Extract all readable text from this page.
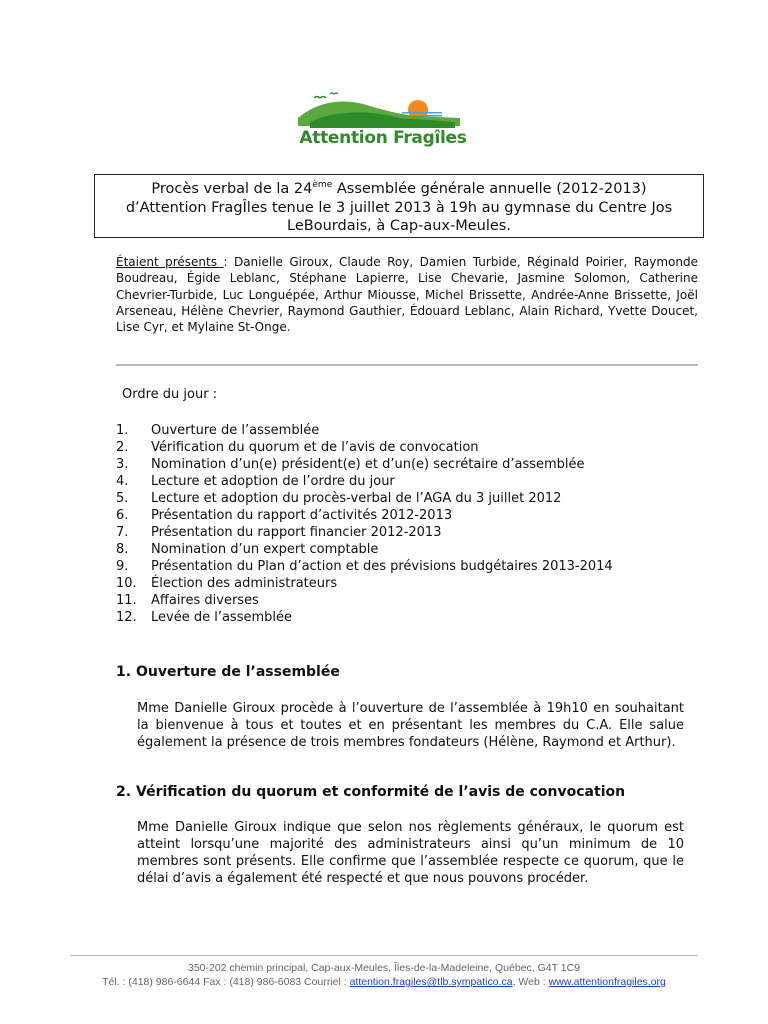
Attention Fragîles
Procès verbal de la 24ème Assemblée générale annuelle (2012-2013)
d’Attention FragÎles tenue le 3 juillet 2013 à 19h au gymnase du Centre Jos
LeBourdais, à Cap-aux-Meules.
Étaient présents : Danielle Giroux, Claude Roy, Damien Turbide, Réginald Poirier, Raymonde Boudreau, Égide Leblanc, Stéphane Lapierre, Lise Chevarie, Jasmine Solomon, Catherine Chevrier-Turbide, Luc Longuépée, Arthur Miousse, Michel Brissette, Andrée-Anne Brissette, Joël Arseneau, Hélène Chevrier, Raymond Gauthier, Édouard Leblanc, Alain Richard, Yvette Doucet, Lise Cyr, et Mylaine St-Onge.
Ordre du jour :
1. Ouverture de l’assemblée
2. Vérification du quorum et de l’avis de convocation
3. Nomination d’un(e) président(e) et d’un(e) secrétaire d’assemblée
4. Lecture et adoption de l’ordre du jour
5. Lecture et adoption du procès-verbal de l’AGA du 3 juillet 2012
6. Présentation du rapport d’activités 2012-2013
7. Présentation du rapport financier 2012-2013
8. Nomination d’un expert comptable
9. Présentation du Plan d’action et des prévisions budgétaires 2013-2014
10. Élection des administrateurs
11. Affaires diverses
12. Levée de l’assemblée
1. Ouverture de l’assemblée
Mme Danielle Giroux procède à l’ouverture de l’assemblée à 19h10 en souhaitant la bienvenue à tous et toutes et en présentant les membres du C.A. Elle salue également la présence de trois membres fondateurs (Hélène, Raymond et Arthur).
2. Vérification du quorum et conformité de l’avis de convocation
Mme Danielle Giroux indique que selon nos règlements généraux, le quorum est atteint lorsqu’une majorité des administrateurs ainsi qu’un minimum de 10 membres sont présents. Elle confirme que l’assemblée respecte ce quorum, que le délai d’avis a également été respecté et que nous pouvons procéder.
350-202 chemin principal, Cap-aux-Meules, Îles-de-la-Madeleine, Québec, G4T 1C9
Tél. : (418) 986-6644 Fax : (418) 986-6083 Courriel : attention.fragiles@tlb.sympatico.ca, Web : www.attentionfragiles.org
